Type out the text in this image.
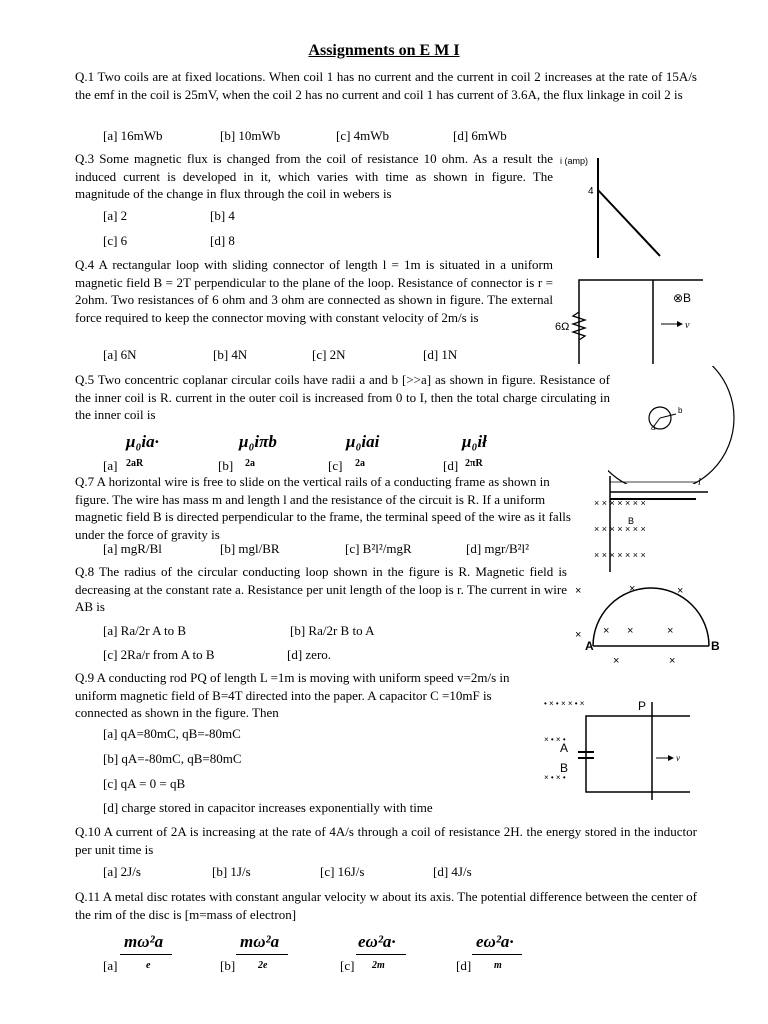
Assignments on E M I
Q.1 Two coils are at fixed locations. When coil 1 has no current and the current in coil 2 increases at the rate of 15A/s the emf in the coil is 25mV, when the coil 2 has no current and coil 1 has current of 3.6A, the flux linkage in coil 2 is
[a] 16mWb	[b] 10mWb	[c] 4mWb	[d] 6mWb
Q.3 Some magnetic flux is changed from the coil of resistance 10 ohm. As a result the induced current is developed in it, which varies with time as shown in figure. The magnitude of the change in flux through the coil in webers is
[a] 2	[b] 4
[c] 6	[d] 8
i (amp)
4
Q.4 A rectangular loop with sliding connector of length l = 1m is situated in a uniform magnetic field B = 2T perpendicular to the plane of the loop. Resistance of connector is r = 2ohm. Two resistances of 6 ohm and 3 ohm are connected as shown in figure. The external force required to keep the connector moving with constant velocity of 2m/s is
[a] 6N	[b] 4N	[c] 2N	[d] 1N
6Ω
⊗B
v
Q.5 Two concentric coplanar circular coils have radii a and b [>>a] as shown in figure. Resistance of the inner coil is R. current in the outer coil is increased from 0 to I, then the total charge circulating in the inner coil is
μ₀ia·	μ₀iπb	μ₀iai	μ₀ił
[a]	[b]	[c]	[d]
2aR	2a	2a	2πR
a
b
Q.7 A horizontal wire is free to slide on the vertical rails of a conducting frame as shown in figure. The wire has mass m and length l and the resistance of the circuit is R. If a uniform magnetic field B is directed perpendicular to the frame, the terminal speed of the wire as it falls under the force of gravity is
[a] mgR/Bl	[b] mgl/BR	[c] B²l²/mgR	[d] mgr/B²l²
× × × × × × ×
× × × × × × ×
× × × × × × ×
l
B
Q.8 The radius of the circular conducting loop shown in the figure is R. Magnetic field is decreasing at the constant rate a. Resistance per unit length of the loop is r. The current in wire AB is
[a] Ra/2r A to B	[b] Ra/2r B to A
[c] 2Ra/r from A to B	[d] zero.
×	×	×
× × ×	×
×	×
A	B
Q.9 A conducting rod PQ of length L =1m is moving with uniform speed v=2m/s in uniform magnetic field of B=4T directed into the paper. A capacitor C =10mF is connected as shown in the figure. Then
[a] qA=80mC, qB=-80mC
[b] qA=-80mC, qB=80mC
[c] qA = 0 = qB
[d] charge stored in capacitor increases exponentially with time
• × • × × • ×
× • × •
× • × •
P
A
B
v
Q.10 A current of 2A is increasing at the rate of 4A/s through a coil of resistance 2H. the energy stored in the inductor per unit time is
[a] 2J/s	[b] 1J/s	[c] 16J/s	[d] 4J/s
Q.11 A metal disc rotates with constant angular velocity w about its axis. The potential difference between the center of the rim of the disc is [m=mass of electron]
mω²a	mω²a	eω²a·	eω²a·
[a]	[b]	[c]	[d]
e	2e	2m	m
